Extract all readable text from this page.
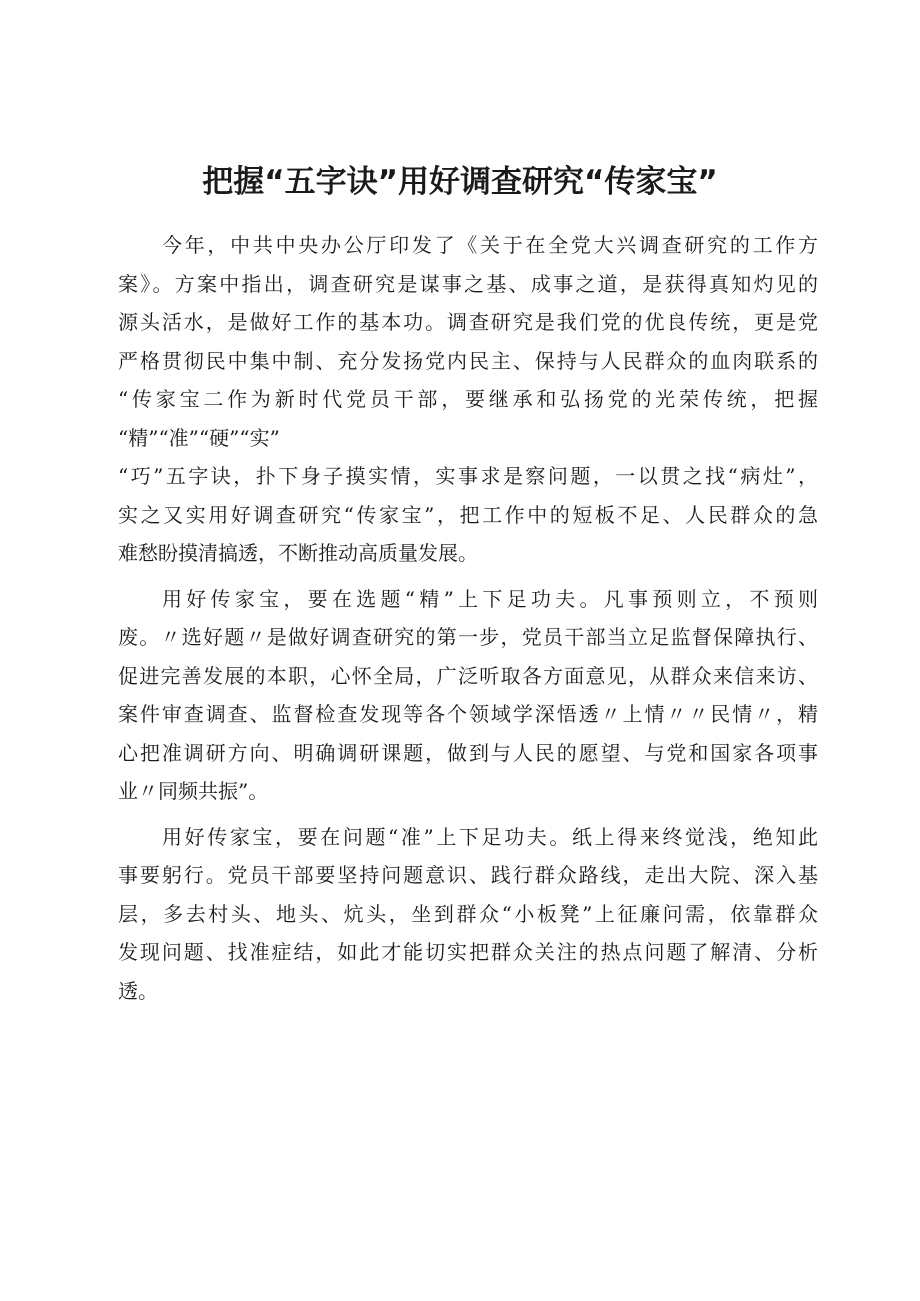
把握“五字诀”用好调查研究“传家宝”
今年，中共中央办公厅印发了《关于在全党大兴调查研究的工作方
案》。方案中指出，调查研究是谋事之基、成事之道，是获得真知灼见的
源头活水，是做好工作的基本功。调查研究是我们党的优良传统，更是党
严格贯彻民中集中制、充分发扬党内民主、保持与人民群众的血肉联系的
“传家宝二作为新时代党员干部，要继承和弘扬党的光荣传统，把握
“精”“准”“硬”“实”
“巧”五字诀，扑下身子摸实情，实事求是察问题，一以贯之找“病灶”，
实之又实用好调查研究“传家宝”，把工作中的短板不足、人民群众的急
难愁盼摸清搞透，不断推动高质量发展。
用好传家宝，要在选题“精”上下足功夫。凡事预则立，不预则
废。〃选好题〃是做好调查研究的第一步，党员干部当立足监督保障执行、
促进完善发展的本职，心怀全局，广泛听取各方面意见，从群众来信来访、
案件审查调查、监督检查发现等各个领域学深悟透〃上情〃〃民情〃，精
心把准调研方向、明确调研课题，做到与人民的愿望、与党和国家各项事
业〃同频共振”。
用好传家宝，要在问题“准”上下足功夫。纸上得来终觉浅，绝知此
事要躬行。党员干部要坚持问题意识、践行群众路线，走出大院、深入基
层，多去村头、地头、炕头，坐到群众“小板凳”上征廉问需，依靠群众
发现问题、找准症结，如此才能切实把群众关注的热点问题了解清、分析
透。
